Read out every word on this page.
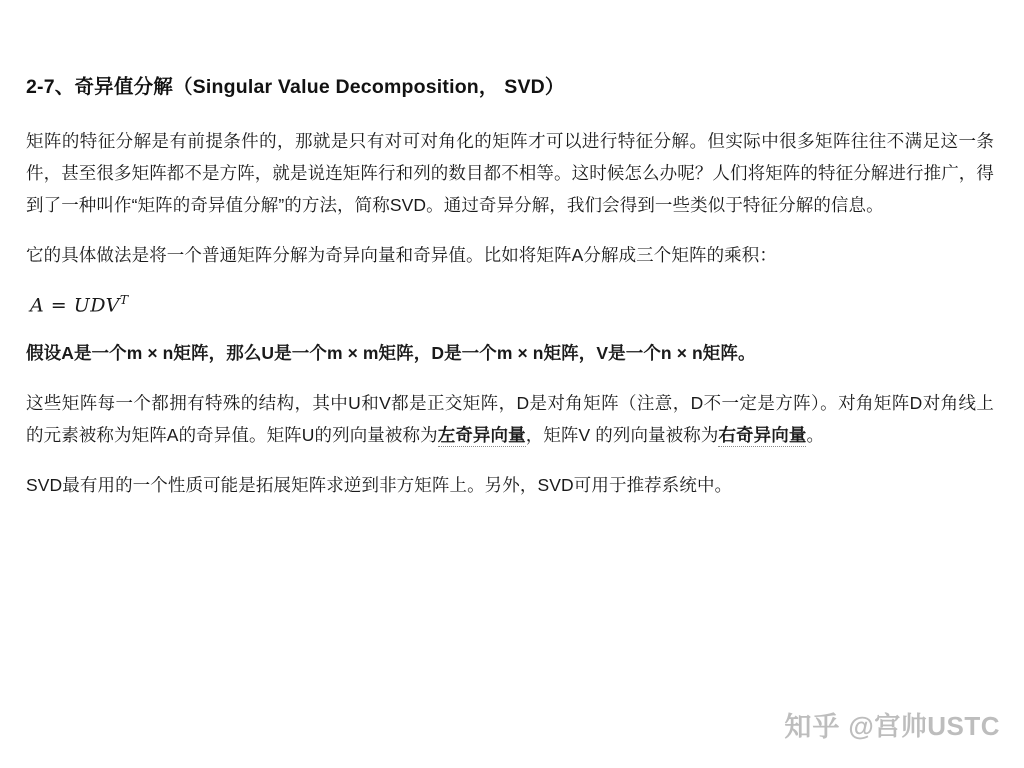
2-7、奇异值分解（Singular Value Decomposition， SVD）

矩阵的特征分解是有前提条件的，那就是只有对可对角化的矩阵才可以进行特征分解。但实际中很多矩阵往往不满足这一条件，甚至很多矩阵都不是方阵，就是说连矩阵行和列的数目都不相等。这时候怎么办呢？人们将矩阵的特征分解进行推广，得到了一种叫作“矩阵的奇异值分解”的方法，简称SVD。通过奇异分解，我们会得到一些类似于特征分解的信息。

它的具体做法是将一个普通矩阵分解为奇异向量和奇异值。比如将矩阵A分解成三个矩阵的乘积：

$A = UDV^T$

假设A是一个m × n矩阵，那么U是一个m × m矩阵，D是一个m × n矩阵，V是一个n × n矩阵。

这些矩阵每一个都拥有特殊的结构，其中U和V都是正交矩阵，D是对角矩阵（注意，D不一定是方阵）。对角矩阵D对角线上的元素被称为矩阵A的奇异值。矩阵U的列向量被称为左奇异向量，矩阵V 的列向量被称为右奇异向量。

SVD最有用的一个性质可能是拓展矩阵求逆到非方矩阵上。另外，SVD可用于推荐系统中。

知乎 @宫帅USTC
